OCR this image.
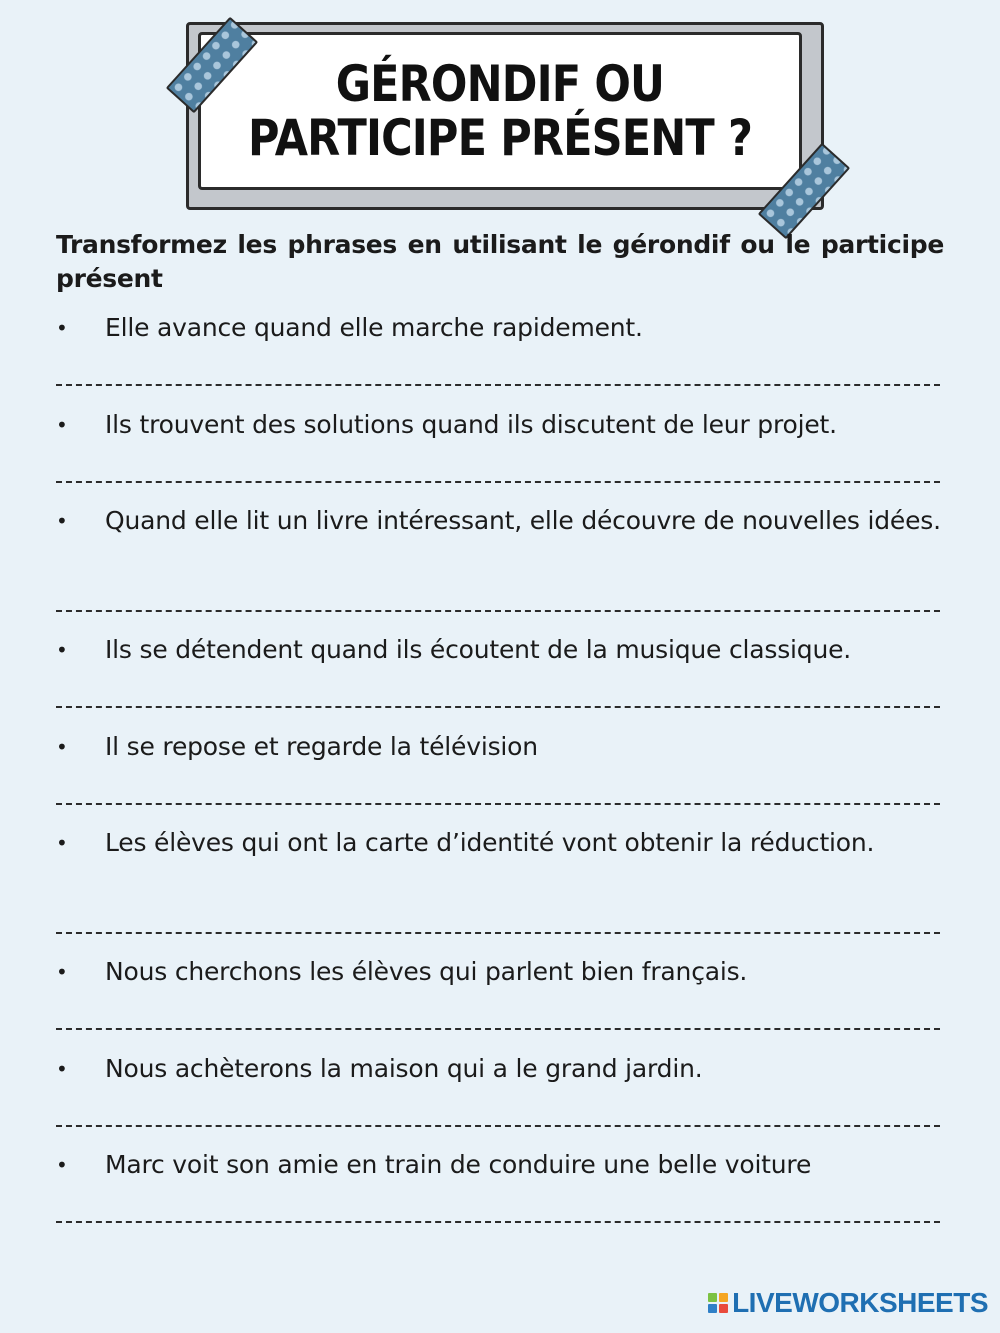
GÉRONDIF OU
PARTICIPE PRÉSENT ?
Transformez les phrases en utilisant le gérondif ou le participe présent
• Elle avance quand elle marche rapidement.
• Ils trouvent des solutions quand ils discutent de leur projet.
• Quand elle lit un livre intéressant, elle découvre de nouvelles idées.
• Ils se détendent quand ils écoutent de la musique classique.
• Il se repose et regarde la télévision
• Les élèves qui ont la carte d’identité vont obtenir la réduction.
• Nous cherchons les élèves qui parlent bien français.
• Nous achèterons la maison qui a le grand jardin.
• Marc voit son amie en train de conduire une belle voiture
LIVEWORKSHEETS
